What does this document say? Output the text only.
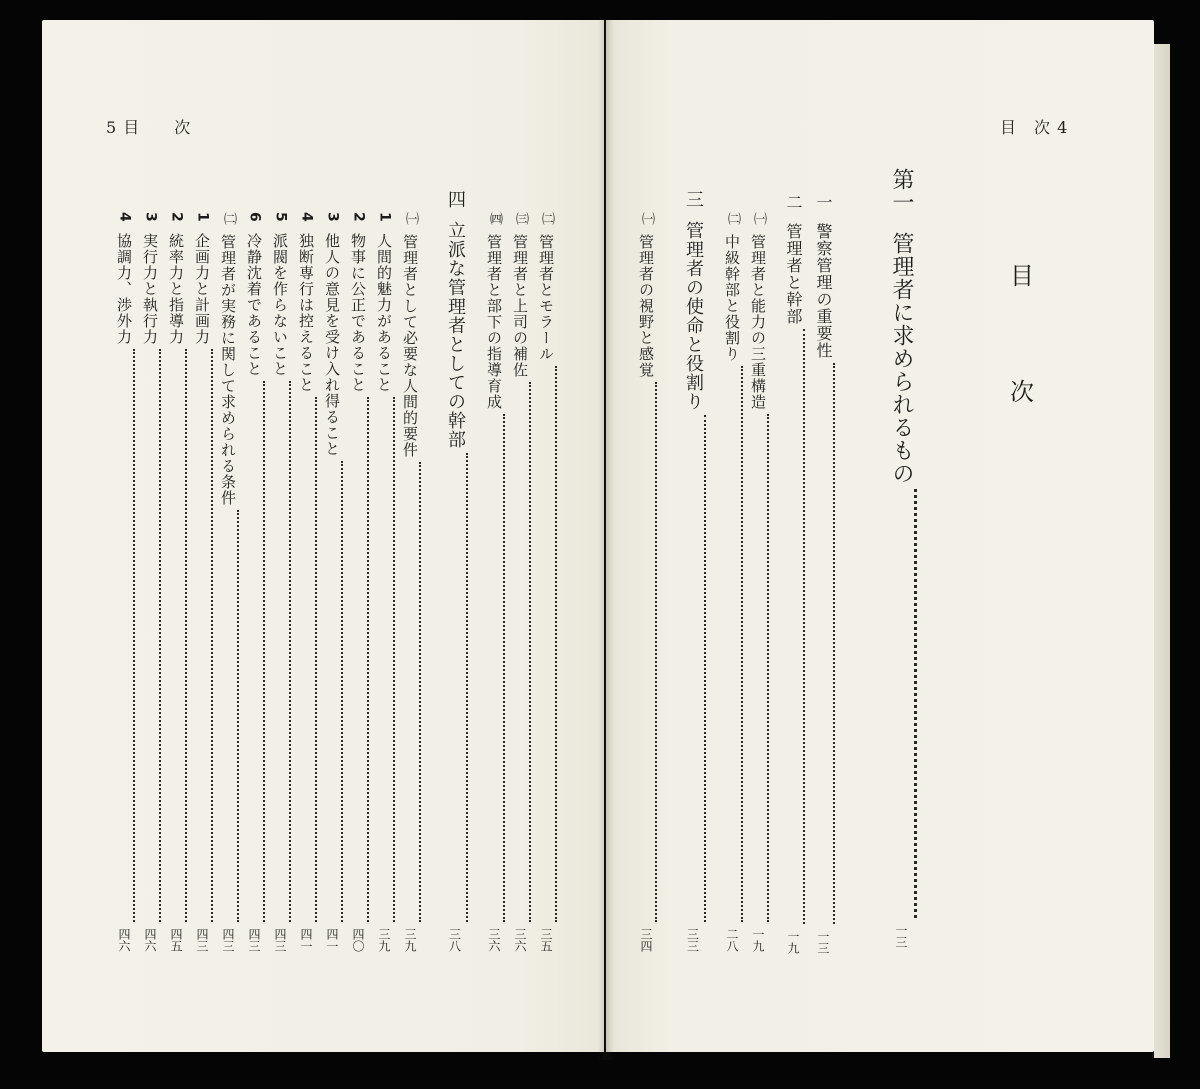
5 目　　次
㈡
管理者とモラール
三五
㈢
管理者と上司の補佐
三六
㈣
管理者と部下の指導育成
三六
四
立派な管理者としての幹部
三八
㈠
管理者として必要な人間的要件
三九
1
人間的魅力があること
三九
2
物事に公正であること
四〇
3
他人の意見を受け入れ得ること
四一
4
独断専行は控えること
四一
5
派閥を作らないこと
四三
6
冷静沈着であること
四三
㈡
管理者が実務に関して求められる条件
四三
1
企画力と計画力
四三
2
統率力と指導力
四五
3
実行力と執行力
四六
4
協調力、渉外力
四六
目　次 4
目
次
第一
管理者に求められるもの
一三
一
警察管理の重要性
一三
二
管理者と幹部
一九
㈠
管理者と能力の三重構造
一九
㈡
中級幹部と役割り
二八
三
管理者の使命と役割り
三三
㈠
管理者の視野と感覚
三四
